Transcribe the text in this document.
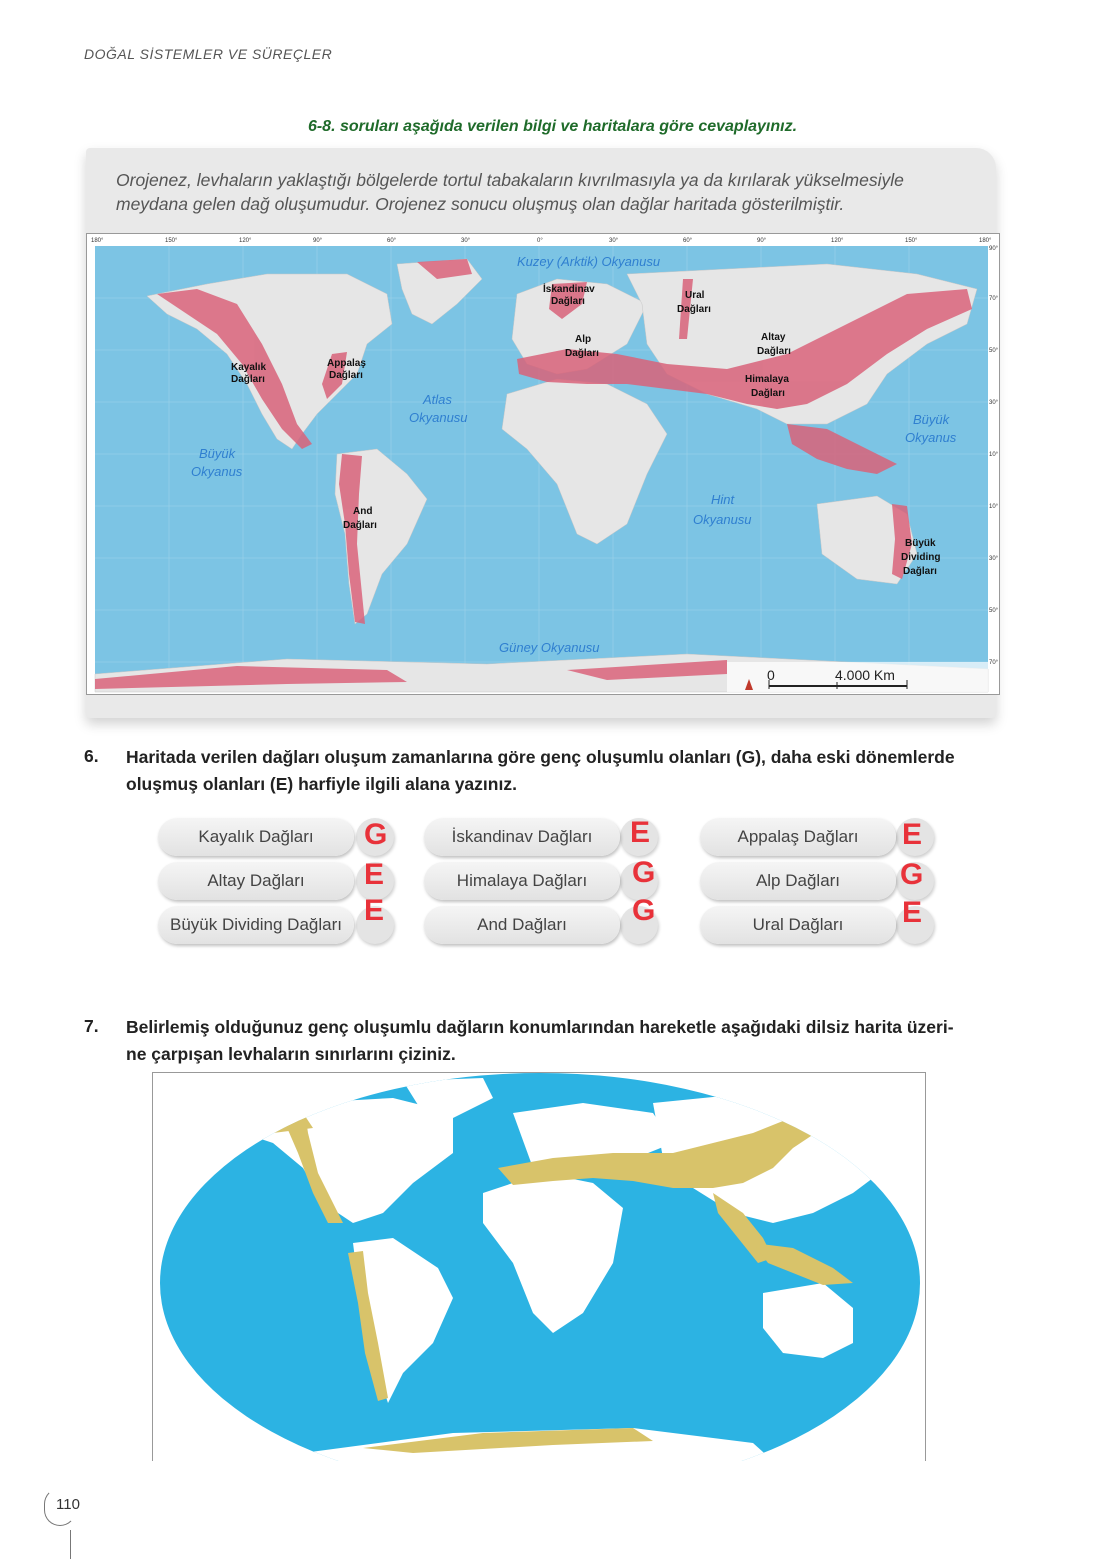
DOĞAL SİSTEMLER VE SÜREÇLER
6-8. soruları aşağıda verilen bilgi ve haritalara göre cevaplayınız.
Orojenez, levhaların yaklaştığı bölgelerde tortul tabakaların kıvrılmasıyla ya da kırılarak yükselmesiyle
meydana gelen dağ oluşumudur. Orojenez sonucu oluşmuş olan dağlar haritada gösterilmiştir.
180°	150°	120°	90°	60°	30°	0°	30°	60°	90°	120°	150°	180°
90°
70°
50°
30°
10°
10°
30°
50°
70°
Kuzey (Arktik) Okyanusu
Atlas
Okyanusu
Büyük
Okyanus
Büyük
Okyanus
Hint
Okyanusu
Güney Okyanusu
Kayalık
Dağları
Appalaş
Dağları
İskandinav
Dağları
Ural
Dağları
Alp
Dağları
Altay
Dağları
Himalaya
Dağları
And
Dağları
Büyük
Dividing
Dağları
0	4.000 Km
6. Haritada verilen dağları oluşum zamanlarına göre genç oluşumlu olanları (G), daha eski dönemlerde
oluşmuş olanları (E) harfiyle ilgili alana yazınız.
Kayalık Dağları	G	İskandinav Dağları	E	Appalaş Dağları	E
Altay Dağları	E	Himalaya Dağları	G	Alp Dağları	G
Büyük Dividing Dağları E	And Dağları	G	Ural Dağları	E
7. Belirlemiş olduğunuz genç oluşumlu dağların konumlarından hareketle aşağıdaki dilsiz harita üzeri-
ne çarpışan levhaların sınırlarını çiziniz.
110
